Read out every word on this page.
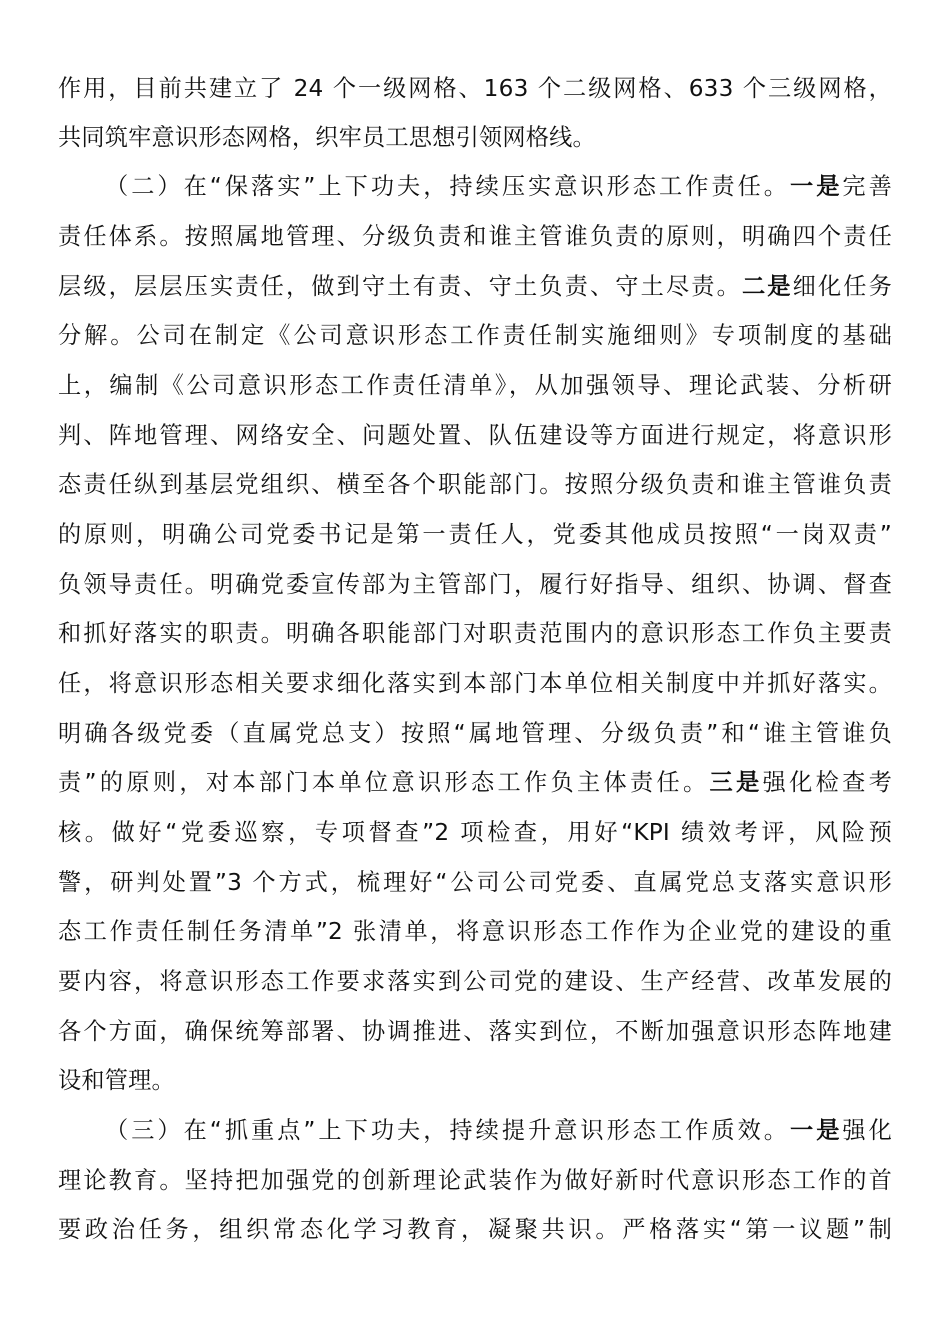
作用，目前共建立了 24 个一级网格、163 个二级网格、633 个三级网格，
共同筑牢意识形态网格，织牢员工思想引领网格线。
（二）在“保落实”上下功夫，持续压实意识形态工作责任。一是完善
责任体系。按照属地管理、分级负责和谁主管谁负责的原则，明确四个责任
层级，层层压实责任，做到守土有责、守土负责、守土尽责。二是细化任务
分解。公司在制定《公司意识形态工作责任制实施细则》专项制度的基础
上，编制《公司意识形态工作责任清单》，从加强领导、理论武装、分析研
判、阵地管理、网络安全、问题处置、队伍建设等方面进行规定，将意识形
态责任纵到基层党组织、横至各个职能部门。按照分级负责和谁主管谁负责
的原则，明确公司党委书记是第一责任人，党委其他成员按照“一岗双责”
负领导责任。明确党委宣传部为主管部门，履行好指导、组织、协调、督查
和抓好落实的职责。明确各职能部门对职责范围内的意识形态工作负主要责
任，将意识形态相关要求细化落实到本部门本单位相关制度中并抓好落实。
明确各级党委（直属党总支）按照“属地管理、分级负责”和“谁主管谁负
责”的原则，对本部门本单位意识形态工作负主体责任。三是强化检查考
核。做好“党委巡察，专项督查”2 项检查，用好“KPI 绩效考评，风险预
警，研判处置”3 个方式，梳理好“公司公司党委、直属党总支落实意识形
态工作责任制任务清单”2 张清单，将意识形态工作作为企业党的建设的重
要内容，将意识形态工作要求落实到公司党的建设、生产经营、改革发展的
各个方面，确保统筹部署、协调推进、落实到位，不断加强意识形态阵地建
设和管理。
（三）在“抓重点”上下功夫，持续提升意识形态工作质效。一是强化
理论教育。坚持把加强党的创新理论武装作为做好新时代意识形态工作的首
要政治任务，组织常态化学习教育，凝聚共识。严格落实“第一议题”制
